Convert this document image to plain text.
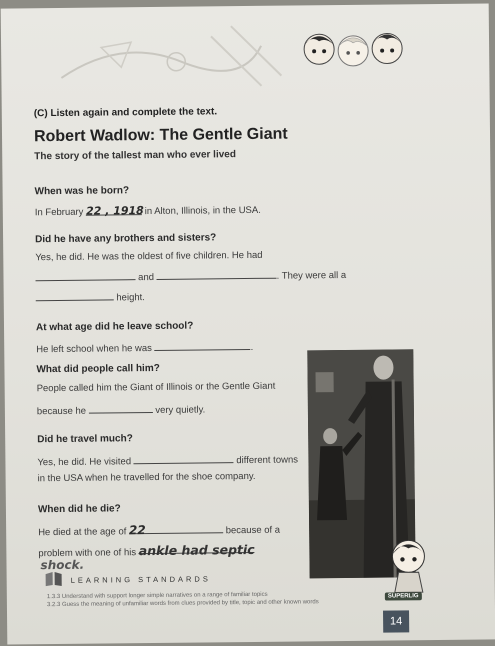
(C) Listen again and complete the text.
Robert Wadlow: The Gentle Giant
The story of the tallest man who ever lived
When was he born?
In February 22 , 1918 in Alton, Illinois, in the USA.
Did he have any brothers and sisters?
Yes, he did. He was the oldest of five children. He had
and	. They were all a
height.
At what age did he leave school?
He left school when he was	.
What did people call him?
People called him the Giant of Illinois or the Gentle Giant
because he	very quietly.
Did he travel much?
Yes, he did. He visited	different towns
in the USA when he travelled for the shoe company.
When did he die?
He died at the age of 22	because of a
problem with one of his ankle had septic
shock.
LEARNING STANDARDS
1.3.3 Understand with support longer simple narratives on a range of familiar topics
3.2.3 Guess the meaning of unfamiliar words from clues provided by title, topic and other known words
SUPERLIG
14
